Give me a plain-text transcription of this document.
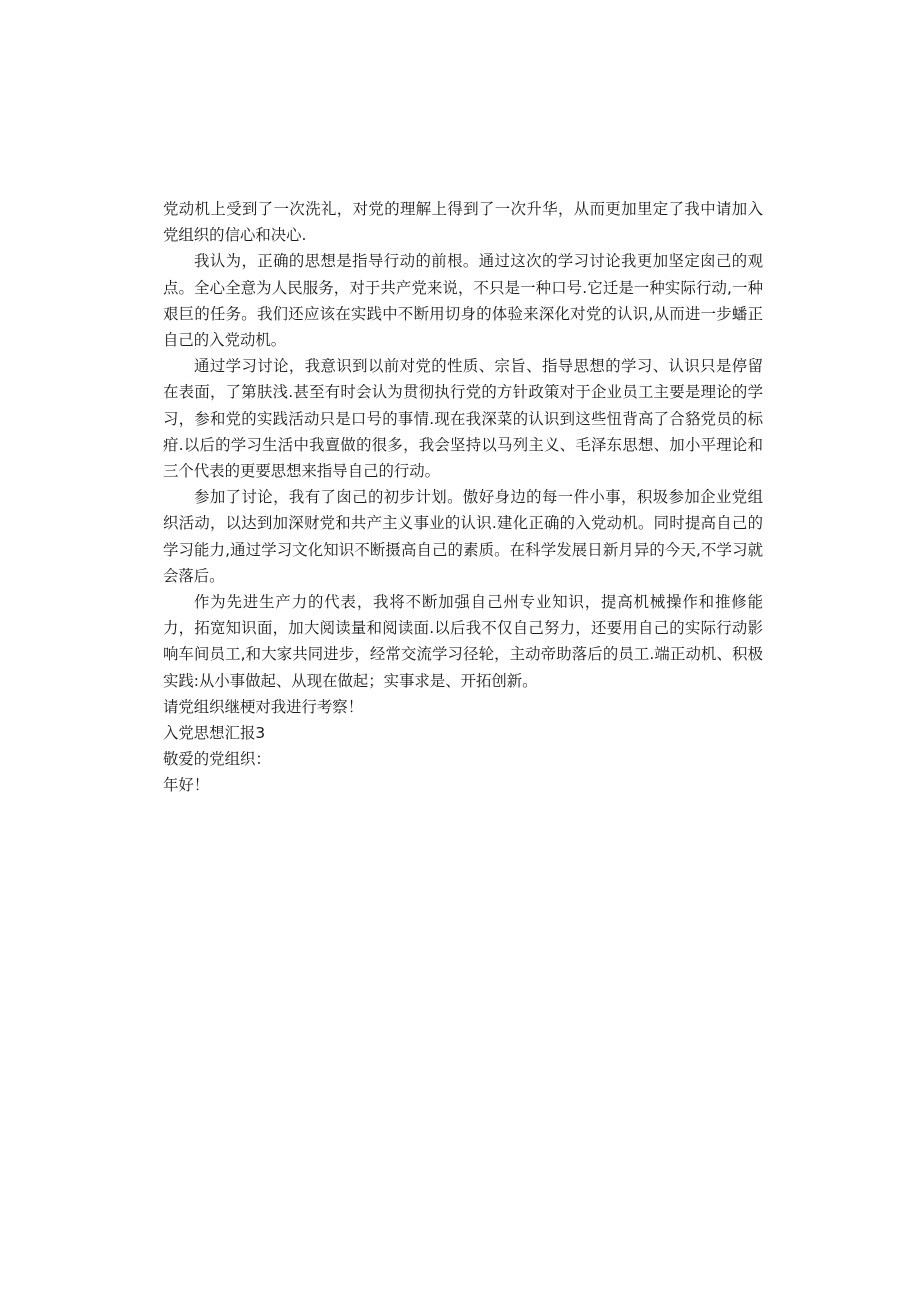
党动机上受到了一次洗礼，对党的理解上得到了一次升华，从而更加里定了我中请加入党组织的信心和决心.

我认为，正确的思想是指导行动的前根。通过这次的学习讨论我更加坚定囱己的观点。全心全意为人民服务，对于共产党来说，不只是一种口号.它迁是一种实际行动,一种艰巨的任务。我们还应该在实践中不断用切身的体验来深化对党的认识,从而进一步蟠正自己的入党动机。

通过学习讨论，我意识到以前对党的性质、宗旨、指导思想的学习、认识只是停留在表面，了第肤浅.甚至有时会认为贯彻执行党的方针政策对于企业员工主要是理论的学习，参和党的实践活动只是口号的事情.现在我深菜的认识到这些忸背高了合貉党员的标疳.以后的学习生活中我亶做的很多，我会坚持以马列主义、毛泽东思想、加小平理论和三个代表的更要思想来指导自己的行动。

参加了讨论，我有了囱己的初步计划。傲好身边的每一件小事，积圾参加企业党组织活动，以达到加深财党和共产主义事业的认识.建化正确的入党动机。同时提高自己的学习能力,通过学习文化知识不断摄高自己的素质。在科学发展日新月异的今天,不学习就会落后。

作为先进生产力的代表，我将不断加强自己州专业知识，提高机械操作和推修能力，拓宽知识面，加大阅读量和阅读面.以后我不仅自己努力，还要用自己的实际行动影响车间员工,和大家共同进步，经常交流学习径轮，主动帝助落后的员工.端正动机、积极实践:从小事做起、从现在做起；实事求是、开拓创新。

请党组织继梗对我进行考察！

入党思想汇报3

敬爱的党组织：

年好！
